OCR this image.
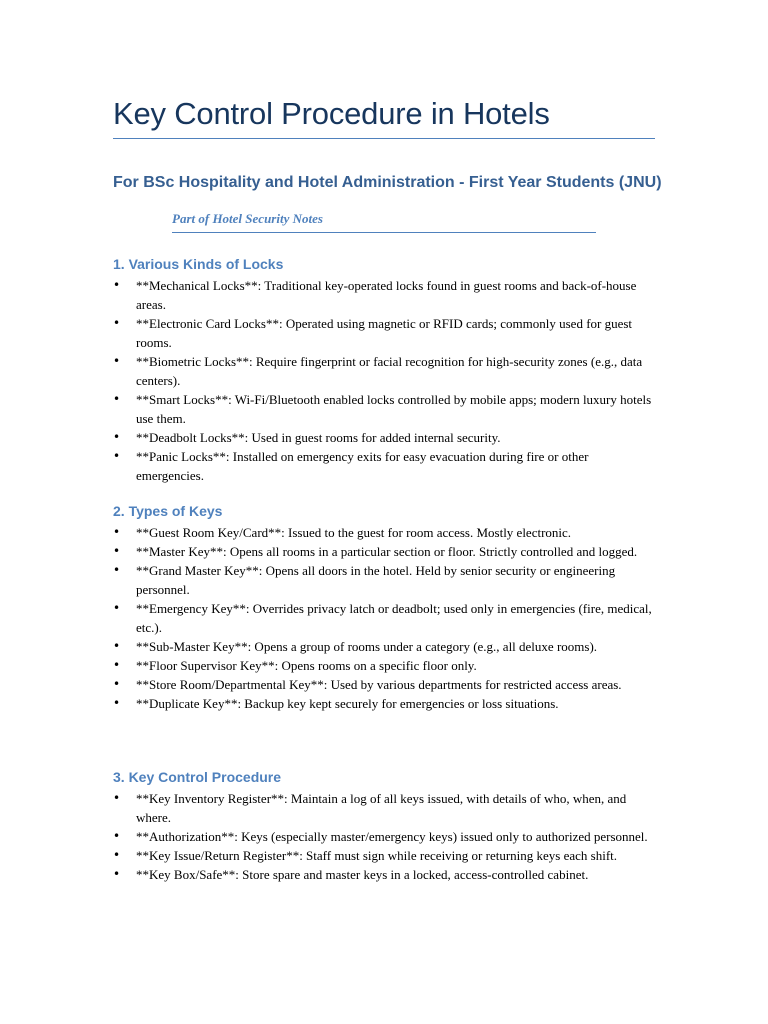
Key Control Procedure in Hotels
For BSc Hospitality and Hotel Administration - First Year Students (JNU)

Part of Hotel Security Notes

1. Various Kinds of Locks
• **Mechanical Locks**: Traditional key-operated locks found in guest rooms and back-of-house areas.
• **Electronic Card Locks**: Operated using magnetic or RFID cards; commonly used for guest rooms.
• **Biometric Locks**: Require fingerprint or facial recognition for high-security zones (e.g., data centers).
• **Smart Locks**: Wi-Fi/Bluetooth enabled locks controlled by mobile apps; modern luxury hotels use them.
• **Deadbolt Locks**: Used in guest rooms for added internal security.
• **Panic Locks**: Installed on emergency exits for easy evacuation during fire or other emergencies.
2. Types of Keys
• **Guest Room Key/Card**: Issued to the guest for room access. Mostly electronic.
• **Master Key**: Opens all rooms in a particular section or floor. Strictly controlled and logged.
• **Grand Master Key**: Opens all doors in the hotel. Held by senior security or engineering personnel.
• **Emergency Key**: Overrides privacy latch or deadbolt; used only in emergencies (fire, medical, etc.).
• **Sub-Master Key**: Opens a group of rooms under a category (e.g., all deluxe rooms).
• **Floor Supervisor Key**: Opens rooms on a specific floor only.
• **Store Room/Departmental Key**: Used by various departments for restricted access areas.
• **Duplicate Key**: Backup key kept securely for emergencies or loss situations.
3. Key Control Procedure
• **Key Inventory Register**: Maintain a log of all keys issued, with details of who, when, and where.
• **Authorization**: Keys (especially master/emergency keys) issued only to authorized personnel.
• **Key Issue/Return Register**: Staff must sign while receiving or returning keys each shift.
• **Key Box/Safe**: Store spare and master keys in a locked, access-controlled cabinet.
